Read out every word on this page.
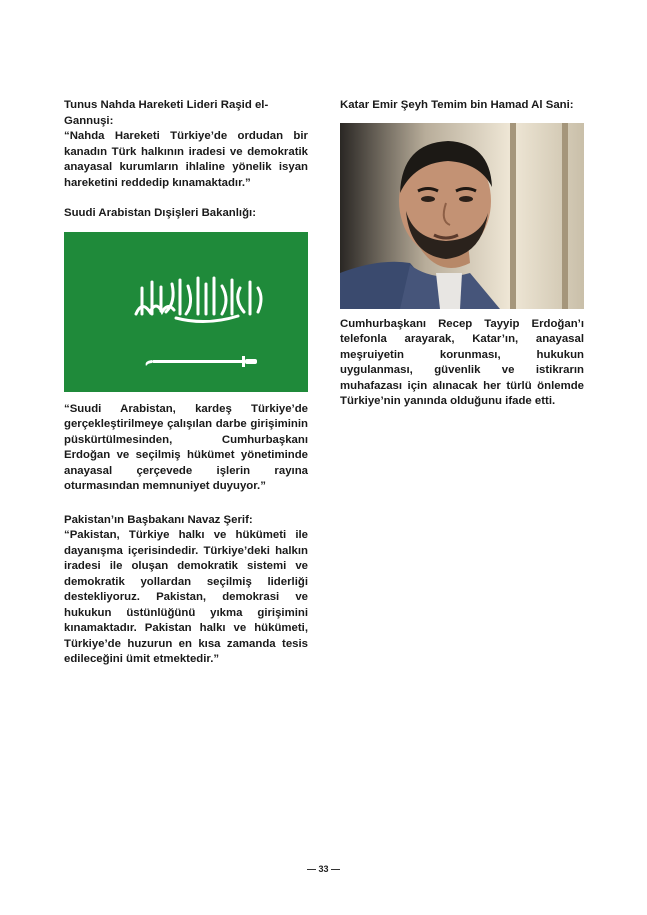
Tunus Nahda Hareketi Lideri Raşid el-Gannuşi:

“Nahda Hareketi Türkiye’de ordudan bir kanadın Türk halkının iradesi ve demokratik anayasal kurumların ihlaline yönelik isyan hareketini reddedip kınamaktadır.”

Suudi Arabistan Dışişleri Bakanlığı:

“Suudi Arabistan, kardeş Türkiye’de gerçekleştirilmeye çalışılan darbe girişiminin püskürtülmesinden, Cumhurbaşkanı Erdoğan ve seçilmiş hükümet yönetiminde anayasal çerçevede işlerin rayına oturmasından memnuniyet duyuyor.”

Pakistan’ın Başbakanı Navaz Şerif:

“Pakistan, Türkiye halkı ve hükümeti ile dayanışma içerisindedir. Türkiye’deki halkın iradesi ile oluşan demokratik sistemi ve demokratik yollardan seçilmiş liderliği destekliyoruz. Pakistan, demokrasi ve hukukun üstünlüğünü yıkma girişimini kınamaktadır. Pakistan halkı ve hükümeti, Türkiye’de huzurun en kısa zamanda tesis edileceğini ümit etmektedir.”

Katar Emir Şeyh Temim bin Hamad Al Sani:

Cumhurbaşkanı Recep Tayyip Erdoğan’ı telefonla arayarak, Katar’ın, anayasal meşruiyetin korunması, hukukun uygulanması, güvenlik ve istikrarın muhafazası için alınacak her türlü önlemde Türkiye’nin yanında olduğunu ifade etti.

— 33 —
